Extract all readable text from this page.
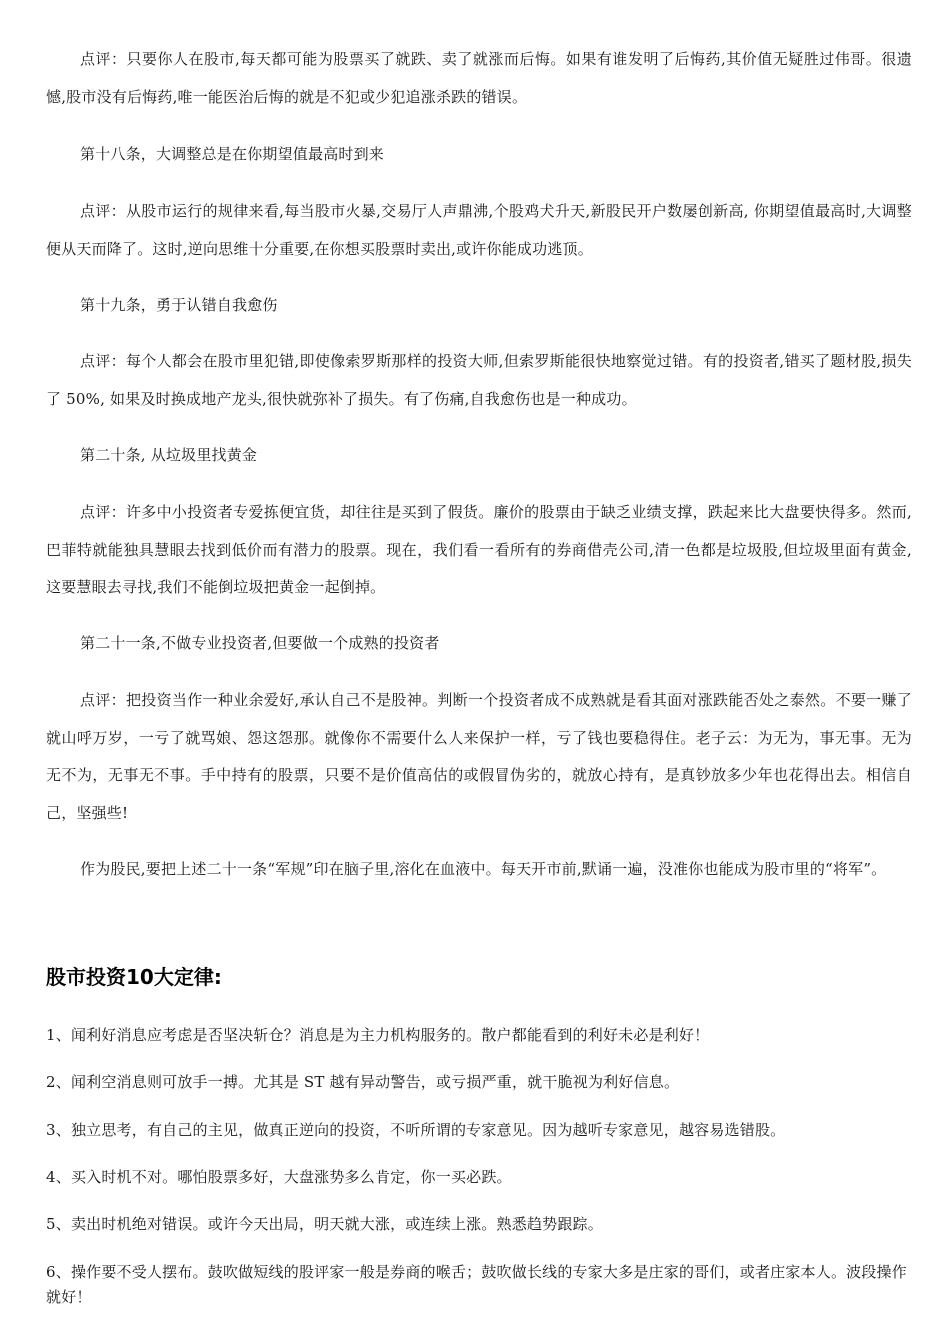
点评：只要你人在股市,每天都可能为股票买了就跌、卖了就涨而后悔。如果有谁发明了后悔药,其价值无疑胜过伟哥。很遗憾,股市没有后悔药,唯一能医治后悔的就是不犯或少犯追涨杀跌的错误。

第十八条，大调整总是在你期望值最高时到来

点评：从股市运行的规律来看,每当股市火暴,交易厅人声鼎沸,个股鸡犬升天,新股民开户数屡创新高, 你期望值最高时,大调整便从天而降了。这时,逆向思维十分重要,在你想买股票时卖出,或许你能成功逃顶。

第十九条，勇于认错自我愈伤

点评：每个人都会在股市里犯错,即使像索罗斯那样的投资大师,但索罗斯能很快地察觉过错。有的投资者,错买了题材股,损失了 50%, 如果及时换成地产龙头,很快就弥补了损失。有了伤痛,自我愈伤也是一种成功。

第二十条, 从垃圾里找黄金

点评：许多中小投资者专爱拣便宜货，却往往是买到了假货。廉价的股票由于缺乏业绩支撑，跌起来比大盘要快得多。然而,巴菲特就能独具慧眼去找到低价而有潜力的股票。现在，我们看一看所有的券商借壳公司,清一色都是垃圾股,但垃圾里面有黄金,这要慧眼去寻找,我们不能倒垃圾把黄金一起倒掉。

第二十一条,不做专业投资者,但要做一个成熟的投资者

点评：把投资当作一种业余爱好,承认自己不是股神。判断一个投资者成不成熟就是看其面对涨跌能否处之泰然。不要一赚了就山呼万岁，一亏了就骂娘、怨这怨那。就像你不需要什么人来保护一样，亏了钱也要稳得住。老子云：为无为，事无事。无为无不为，无事无不事。手中持有的股票，只要不是价值高估的或假冒伪劣的，就放心持有，是真钞放多少年也花得出去。相信自己，坚强些!

作为股民,要把上述二十一条“军规”印在脑子里,溶化在血液中。每天开市前,默诵一遍，没准你也能成为股市里的“将军”。

股市投资10大定律:

1、闻利好消息应考虑是否坚决斩仓？消息是为主力机构服务的。散户都能看到的利好未必是利好！

2、闻利空消息则可放手一搏。尤其是 ST 越有异动警告，或亏损严重，就干脆视为利好信息。

3、独立思考，有自己的主见，做真正逆向的投资，不听所谓的专家意见。因为越听专家意见，越容易选错股。

4、买入时机不对。哪怕股票多好，大盘涨势多么肯定，你一买必跌。

5、卖出时机绝对错误。或许今天出局，明天就大涨，或连续上涨。熟悉趋势跟踪。

6、操作要不受人摆布。鼓吹做短线的股评家一般是券商的喉舌；鼓吹做长线的专家大多是庄家的哥们，或者庄家本人。波段操作就好！
